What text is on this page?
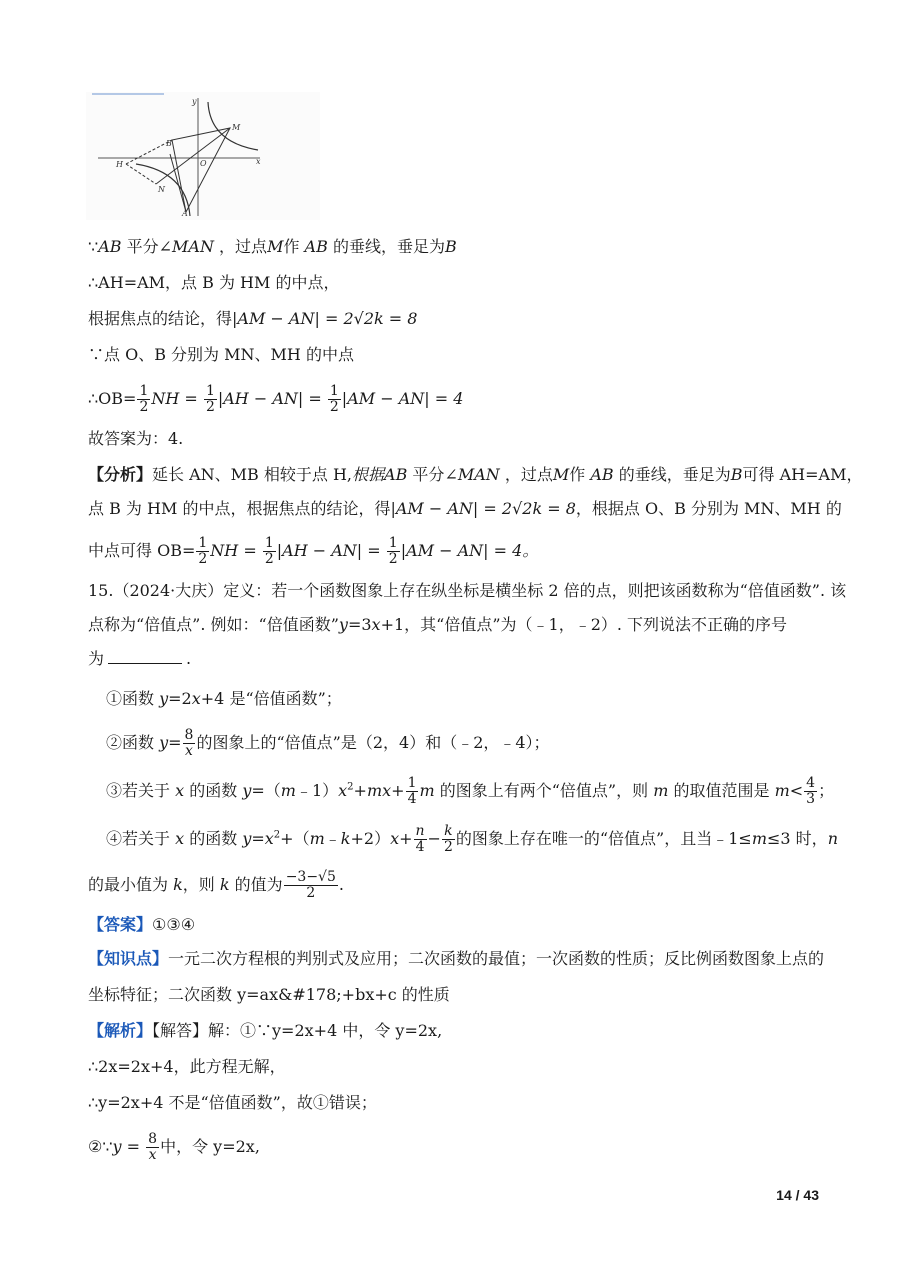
y
x
M
B
O
H
N
A
∵AB 平分∠MAN ，过点M作 AB 的垂线，垂足为B
∴AH=AM，点 B 为 HM 的中点，
根据焦点的结论，得|AM − AN| = 2√2k = 8
∵点 O、B 分别为 MN、MH 的中点
∴OB= $\frac{1}{2}$ NH = $\frac{1}{2} |AH - AN| = \frac{1}{2} |AM - AN| = 4$
故答案为：4.
【分析】延长 AN、MB 相较于点 H,根据AB 平分∠MAN ，过点M作 AB 的垂线，垂足为B可得 AH=AM，
点 B 为 HM 的中点，根据焦点的结论，得|AM − AN| = 2√2k = 8，根据点 O、B 分别为 MN、MH 的
中点可得 $OB= \frac{1}{2}$ NH = $\frac{1}{2} |AH - AN| = \frac{1}{2} |AM - AN| = 4$。
15.（2024·大庆）定义：若一个函数图象上存在纵坐标是横坐标 2 倍的点，则把该函数称为“倍值函数”. 该
点称为“倍值点”. 例如：“倍值函数”y=3x+1，其“倍值点”为（﹣1，﹣2）. 下列说法不正确的序号
为	.
①函数 y=2x+4 是“倍值函数”；
②函数 $y= \frac{8}{x}$ 的图象上的“倍值点”是（2，4）和（﹣2，﹣4）；
③若关于 x 的函数 $y=(m﹣1)x^2+mx+ \frac{1}{4}$ m 的图象上有两个“倍值点”，则 m 的取值范围是 $m< \frac{4}{3}$ ；
④若关于 x 的函数 $y=x^2+(m﹣k+2)x+ \frac{n}{4} - \frac{k}{2}$ 的图象上存在唯一的“倍值点”，且当﹣1≤m≤3 时，n
的最小值为 k，则 k 的值为 $\frac{-3-√5}{2}$ .
【答案】①③④
【知识点】一元二次方程根的判别式及应用；二次函数的最值；一次函数的性质；反比例函数图象上点的
坐标特征；二次函数 y=ax&#178;+bx+c 的性质
【解析】【解答】解：①∵y=2x+4 中，令 y=2x,
∴2x=2x+4，此方程无解，
∴y=2x+4 不是“倍值函数”，故①错误；
②∵y = $\frac{8}{x}$ 中，令 y=2x,
14 / 43
